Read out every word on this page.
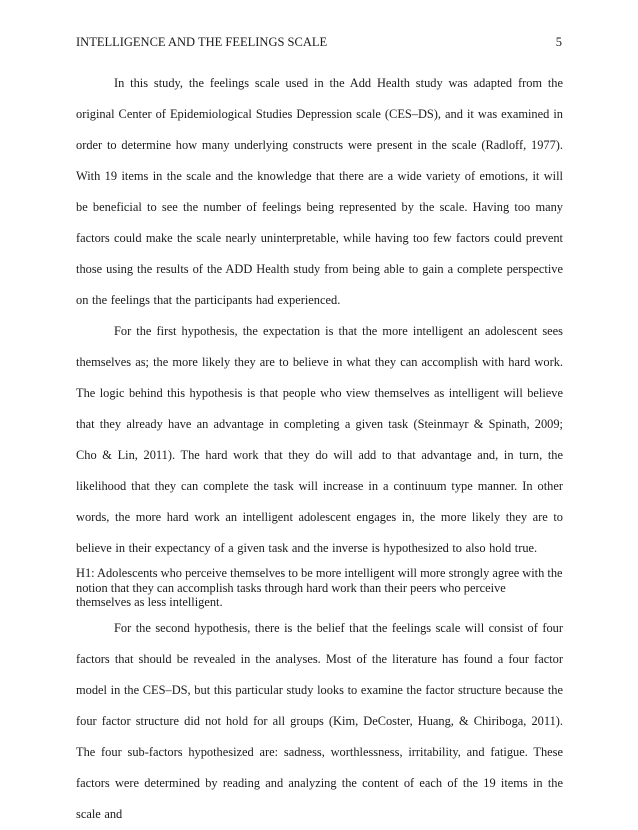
INTELLIGENCE AND THE FEELINGS SCALE	5

In this study, the feelings scale used in the Add Health study was adapted from the original Center of Epidemiological Studies Depression scale (CES–DS), and it was examined in order to determine how many underlying constructs were present in the scale (Radloff, 1977). With 19 items in the scale and the knowledge that there are a wide variety of emotions, it will be beneficial to see the number of feelings being represented by the scale. Having too many factors could make the scale nearly uninterpretable, while having too few factors could prevent those using the results of the ADD Health study from being able to gain a complete perspective on the feelings that the participants had experienced.

For the first hypothesis, the expectation is that the more intelligent an adolescent sees themselves as; the more likely they are to believe in what they can accomplish with hard work. The logic behind this hypothesis is that people who view themselves as intelligent will believe that they already have an advantage in completing a given task (Steinmayr & Spinath, 2009; Cho & Lin, 2011). The hard work that they do will add to that advantage and, in turn, the likelihood that they can complete the task will increase in a continuum type manner. In other words, the more hard work an intelligent adolescent engages in, the more likely they are to believe in their expectancy of a given task and the inverse is hypothesized to also hold true.

H1: Adolescents who perceive themselves to be more intelligent will more strongly agree with the notion that they can accomplish tasks through hard work than their peers who perceive themselves as less intelligent.

For the second hypothesis, there is the belief that the feelings scale will consist of four factors that should be revealed in the analyses. Most of the literature has found a four factor model in the CES–DS, but this particular study looks to examine the factor structure because the four factor structure did not hold for all groups (Kim, DeCoster, Huang, & Chiriboga, 2011). The four sub-factors hypothesized are: sadness, worthlessness, irritability, and fatigue. These factors were determined by reading and analyzing the content of each of the 19 items in the scale and
